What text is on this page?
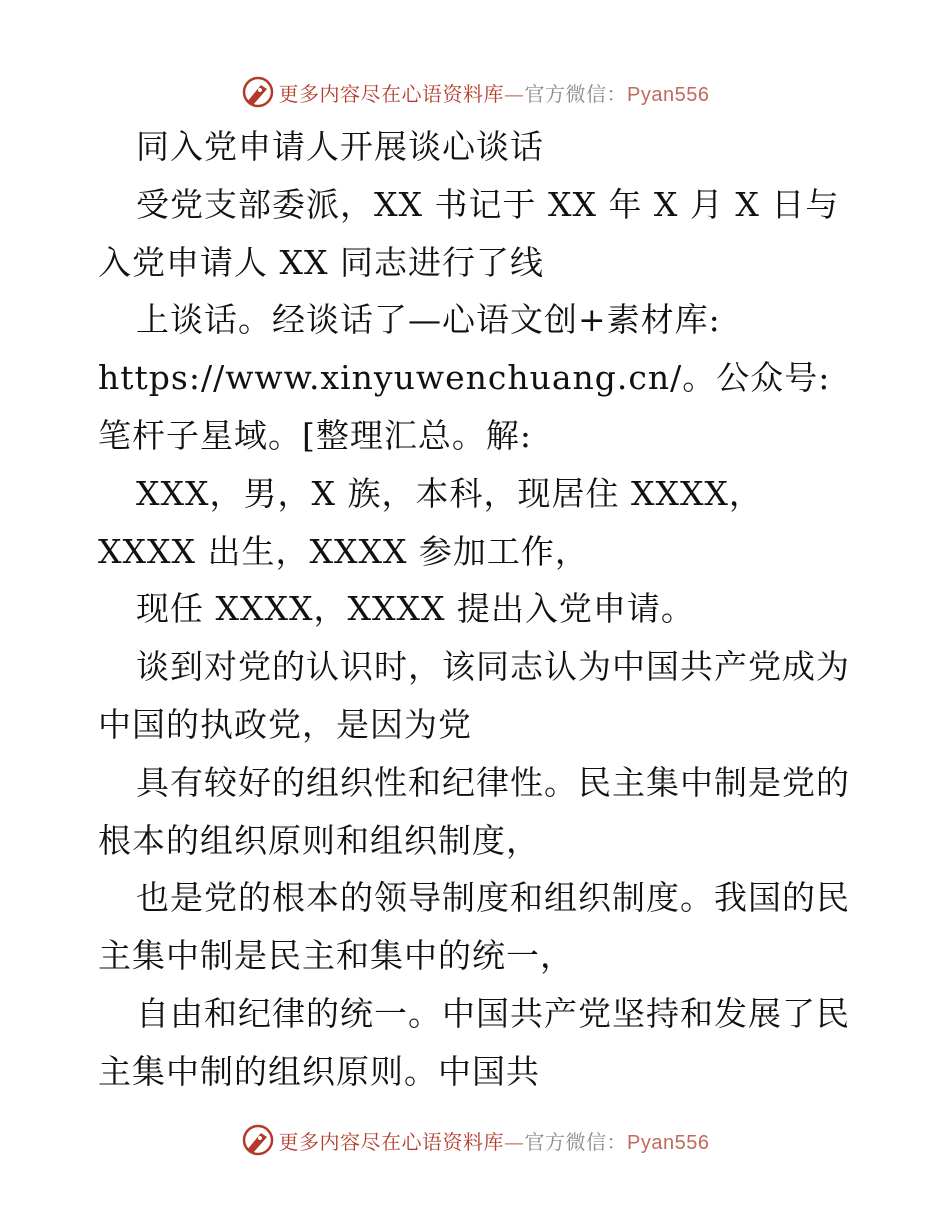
更多内容尽在心语资料库—官方微信：Pyan556

同入党申请人开展谈心谈话

受党支部委派，XX 书记于 XX 年 X 月 X 日与入党申请人 XX 同志进行了线

上谈话。经谈话了—心语文创+素材库: https://www.xinyuwenchuang.cn/。公众号: 笔杆子星域。[整理汇总。解:

XXX，男，X 族，本科，现居住 XXXX，XXXX 出生，XXXX 参加工作，

现任 XXXX，XXXX 提出入党申请。

谈到对党的认识时，该同志认为中国共产党成为中国的执政党，是因为党

具有较好的组织性和纪律性。民主集中制是党的根本的组织原则和组织制度，

也是党的根本的领导制度和组织制度。我国的民主集中制是民主和集中的统一，

自由和纪律的统一。中国共产党坚持和发展了民主集中制的组织原则。中国共

更多内容尽在心语资料库—官方微信：Pyan556
